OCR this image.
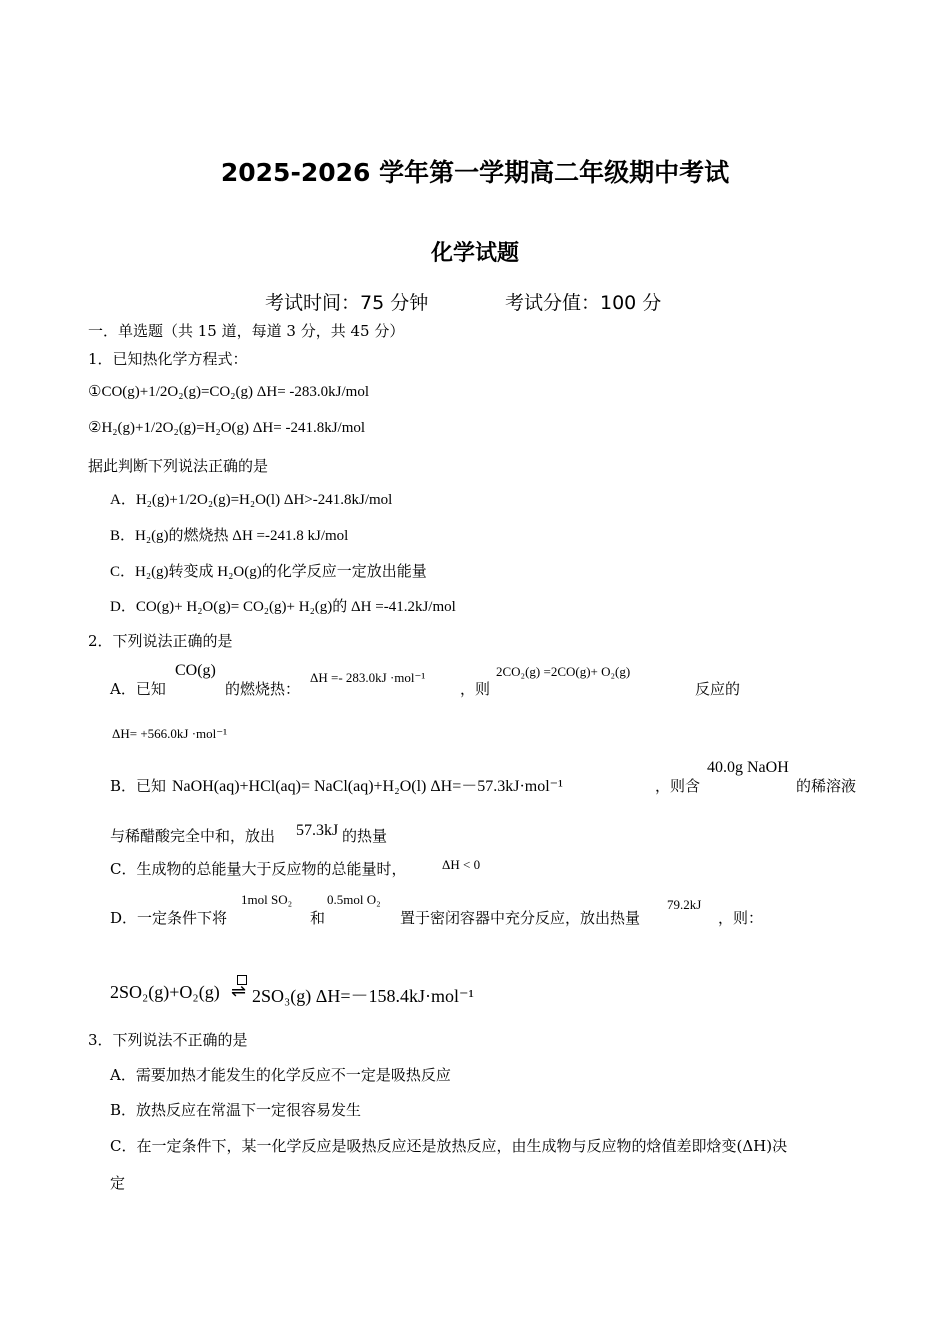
2025-2026 学年第一学期高二年级期中考试
化学试题
考试时间：75 分钟	考试分值：100 分
一．单选题（共 15 道，每道 3 分，共 45 分）
1．已知热化学方程式：
①CO(g)+1/2O₂(g)=CO₂(g) ΔH= -283.0kJ/mol
②H₂(g)+1/2O₂(g)=H₂O(g) ΔH= -241.8kJ/mol
据此判断下列说法正确的是
A．H₂(g)+1/2O₂(g)=H₂O(l) ΔH>-241.8kJ/mol
B．H₂(g)的燃烧热 ΔH =-241.8 kJ/mol
C．H₂(g)转变成 H₂O(g)的化学反应一定放出能量
D．CO(g)+ H₂O(g)= CO₂(g)+ H₂(g)的 ΔH =-41.2kJ/mol
2．下列说法正确的是
A．已知
CO(g)
的燃烧热：
ΔH =- 283.0kJ ·mol⁻¹
，则
2CO₂(g) =2CO(g)+ O₂(g)
反应的
ΔH= +566.0kJ ·mol⁻¹
B．已知 NaOH(aq)+HCl(aq)= NaCl(aq)+H₂O(l) ΔH=－57.3kJ·mol⁻¹	，则含
40.0g NaOH
的稀溶液
与稀醋酸完全中和，放出 57.3kJ 的热量
C．生成物的总能量大于反应物的总能量时，	ΔH < 0
D．一定条件下将
1mol SO₂
和
0.5mol O₂
置于密闭容器中充分反应，放出热量
79.2kJ
，则：
2SO₂(g)+O₂(g) ⇌ 2SO₃(g) ΔH=－158.4kJ·mol⁻¹
3．下列说法不正确的是
A．需要加热才能发生的化学反应不一定是吸热反应
B．放热反应在常温下一定很容易发生
C．在一定条件下，某一化学反应是吸热反应还是放热反应，由生成物与反应物的焓值差即焓变(ΔH)决
定
